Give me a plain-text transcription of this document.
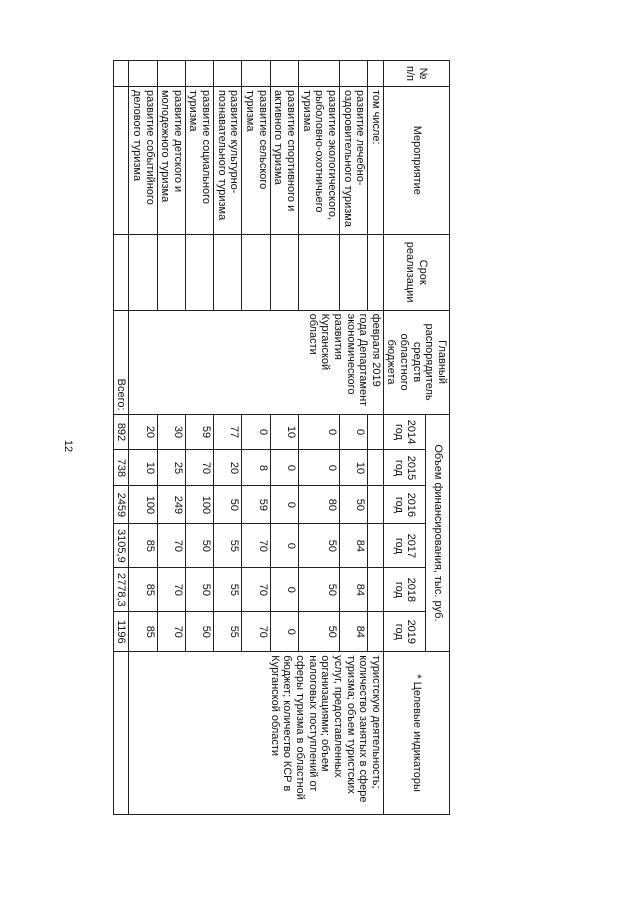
12
№ п/п	Мероприятие	Срок реализации	Главный распорядитель средств областного бюджета	Объем финансирования, тыс. руб.						* Целевые индикаторы
				2014 год	2015 год	2016 год	2017 год	2018 год	2019 год	
	том числе:		февраля 2019 года Департамент экономического развития Курганской области							туристскую деятельность; количество занятых в сфере туризма; объем туристских услуг, предоставленных организациями; объем налоговых поступлений от сферы туризма в областной бюджет; количество КСР в Курганской области
	развитие лечебно-оздоровительного туризма			0	10	50	84	84	84	
	развитие экологического, рыболовно-охотничьего туризма			0	0	80	50	50	50	
	развитие спортивного и активного туризма			10	0	0	0	0	0	
	развитие сельского туризма			0	8	59	70	70	70	
	развитие культурно-познавательного туризма			77	20	50	55	55	55	
	развитие социального туризма			59	70	100	50	50	50	
	развитие детского и молодежного туризма			30	25	249	70	70	70	
	развитие событийного делового туризма			20	10	100	85	85	85	
			Всего:	892	738	2459	3105,9	2778,3	1196	
